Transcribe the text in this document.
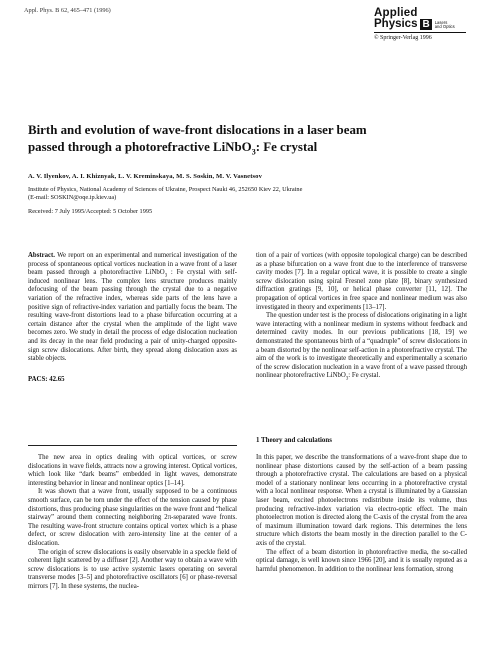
Appl. Phys. B 62, 465–471 (1996)	Applied
Physics B	Lasers
and Optics
© Springer-Verlag 1996
Birth and evolution of wave-front dislocations in a laser beam
passed through a photorefractive LiNbO$_3$: Fe crystal
A. V. Ilyenkov, A. I. Khiznyak, L. V. Kreminskaya, M. S. Soskin, M. V. Vasnetsov
Institute of Physics, National Academy of Sciences of Ukraine, Prospect Nauki 46, 252650 Kiev 22, Ukraine
(E-mail: SOSKIN@oqe.ip.kiev.ua)
Received: 7 July 1995/Accepted: 5 October 1995

Abstract. We report on an experimental and numerical investigation of the process of spontaneous optical vortices nucleation in a wave front of a laser beam passed through a photorefractive LiNbO$_3$ : Fe crystal with self-induced nonlinear lens. The complex lens structure produces mainly defocusing of the beam passing through the crystal due to a negative variation of the refractive index, whereas side parts of the lens have a positive sign of refractive-index variation and partially focus the beam. The resulting wave-front distortions lead to a phase bifurcation occurring at a certain distance after the crystal when the amplitude of the light wave becomes zero. We study in detail the process of edge dislocation nucleation and its decay in the near field producing a pair of unity-charged opposite-sign screw dislocations. After birth, they spread along dislocation axes as stable objects.

PACS: 42.65

The new area in optics dealing with optical vortices, or screw dislocations in wave fields, attracts now a growing interest. Optical vortices, which look like “dark beams” embedded in light waves, demonstrate interesting behavior in linear and nonlinear optics [1–14].

It was shown that a wave front, usually supposed to be a continuous smooth surface, can be torn under the effect of the tension caused by phase distortions, thus producing phase singularities on the wave front and “helical stairway” around them connecting neighboring 2π-separated wave fronts. The resulting wave-front structure contains optical vortex which is a phase defect, or screw dislocation with zero-intensity line at the center of a dislocation.

The origin of screw dislocations is easily observable in a speckle field of coherent light scattered by a diffuser [2]. Another way to obtain a wave with screw dislocations is to use active systemic lasers operating on several transverse modes [3–5] and photorefractive oscillators [6] or phase-reversal mirrors [7]. In these systems, the nuclea-

tion of a pair of vortices (with opposite topological charge) can be described as a phase bifurcation on a wave front due to the interference of transverse cavity modes [7]. In a regular optical wave, it is possible to create a single screw dislocation using spiral Fresnel zone plate [8], binary synthesized diffraction gratings [9, 10], or helical phase converter [11, 12]. The propagation of optical vortices in free space and nonlinear medium was also investigated in theory and experiments [13–17].

The question under test is the process of dislocations originating in a light wave interacting with a nonlinear medium in systems without feedback and determined cavity modes. In our previous publications [18, 19] we demonstrated the spontaneous birth of a “quadruple” of screw dislocations in a beam distorted by the nonlinear self-action in a photorefractive crystal. The aim of the work is to investigate theoretically and experimentally a scenario of the screw dislocation nucleation in a wave front of a wave passed through nonlinear photorefractive LiNbO$_3$: Fe crystal.

1 Theory and calculations

In this paper, we describe the transformations of a wave-front shape due to nonlinear phase distortions caused by the self-action of a beam passing through a photorefractive crystal. The calculations are based on a physical model of a stationary nonlinear lens occurring in a photorefractive crystal with a local nonlinear response. When a crystal is illuminated by a Gaussian laser beam, excited photoelectrons redistribute inside its volume, thus producing refractive-index variation via electro-optic effect. The main photoelectron motion is directed along the C-axis of the crystal from the area of maximum illumination toward dark regions. This determines the lens structure which distorts the beam mostly in the direction parallel to the C-axis of the crystal.

The effect of a beam distortion in photorefractive media, the so-called optical damage, is well known since 1966 [20], and it is usually reputed as a harmful phenomenon. In addition to the nonlinear lens formation, strong
